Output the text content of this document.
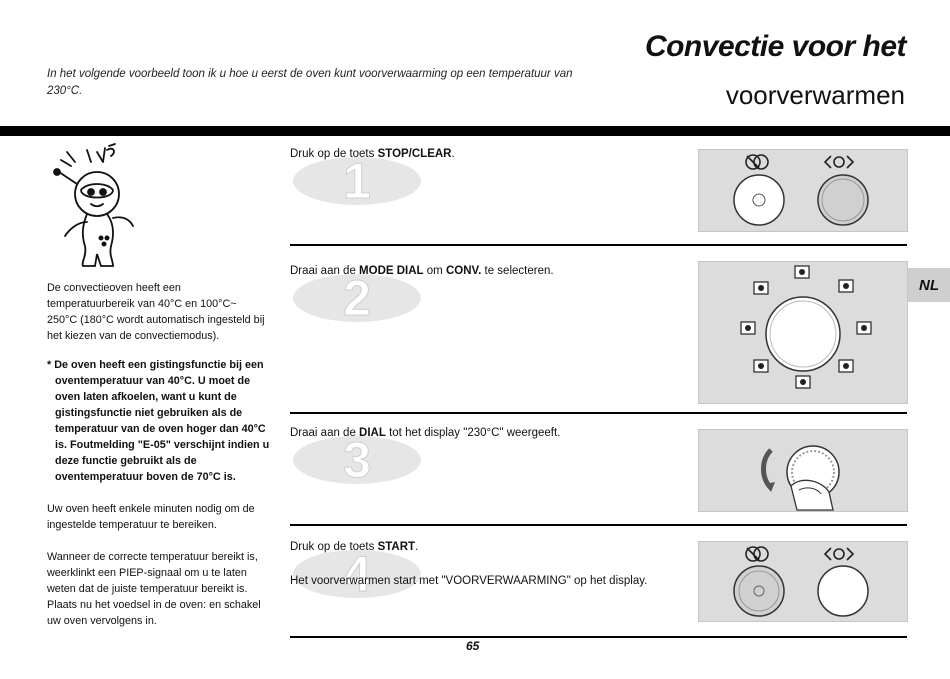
In het volgende voorbeeld toon ik u hoe u eerst de oven kunt voorverwaarming op een temperatuur van 230°C.
Convectie voor het
voorverwarmen
NL
De convectieoven heeft een temperatuurbereik van 40°C en 100°C~ 250°C (180°C wordt automatisch ingesteld bij het kiezen van de convectiemodus).
* De oven heeft een gistingsfunctie bij een oventemperatuur van 40°C. U moet de oven laten afkoelen, want u kunt de gistingsfunctie niet gebruiken als de temperatuur van de oven hoger dan 40°C is. Foutmelding "E-05" verschijnt indien u deze functie gebruikt als de oventemperatuur boven de 70°C is.
Uw oven heeft enkele minuten nodig om de ingestelde temperatuur te bereiken.
Wanneer de correcte temperatuur bereikt is, weerklinkt een PIEP-signaal om u te laten weten dat de juiste temperatuur bereikt is. Plaats nu het voedsel in de oven: en schakel uw oven vervolgens in.
1
Druk op de toets STOP/CLEAR.
2
Draai aan de MODE DIAL om CONV. te selecteren.
3
Draai aan de DIAL tot het display "230°C" weergeeft.
4
Druk op de toets START.
Het voorverwarmen start met "VOORVERWAARMING" op het display.
65
